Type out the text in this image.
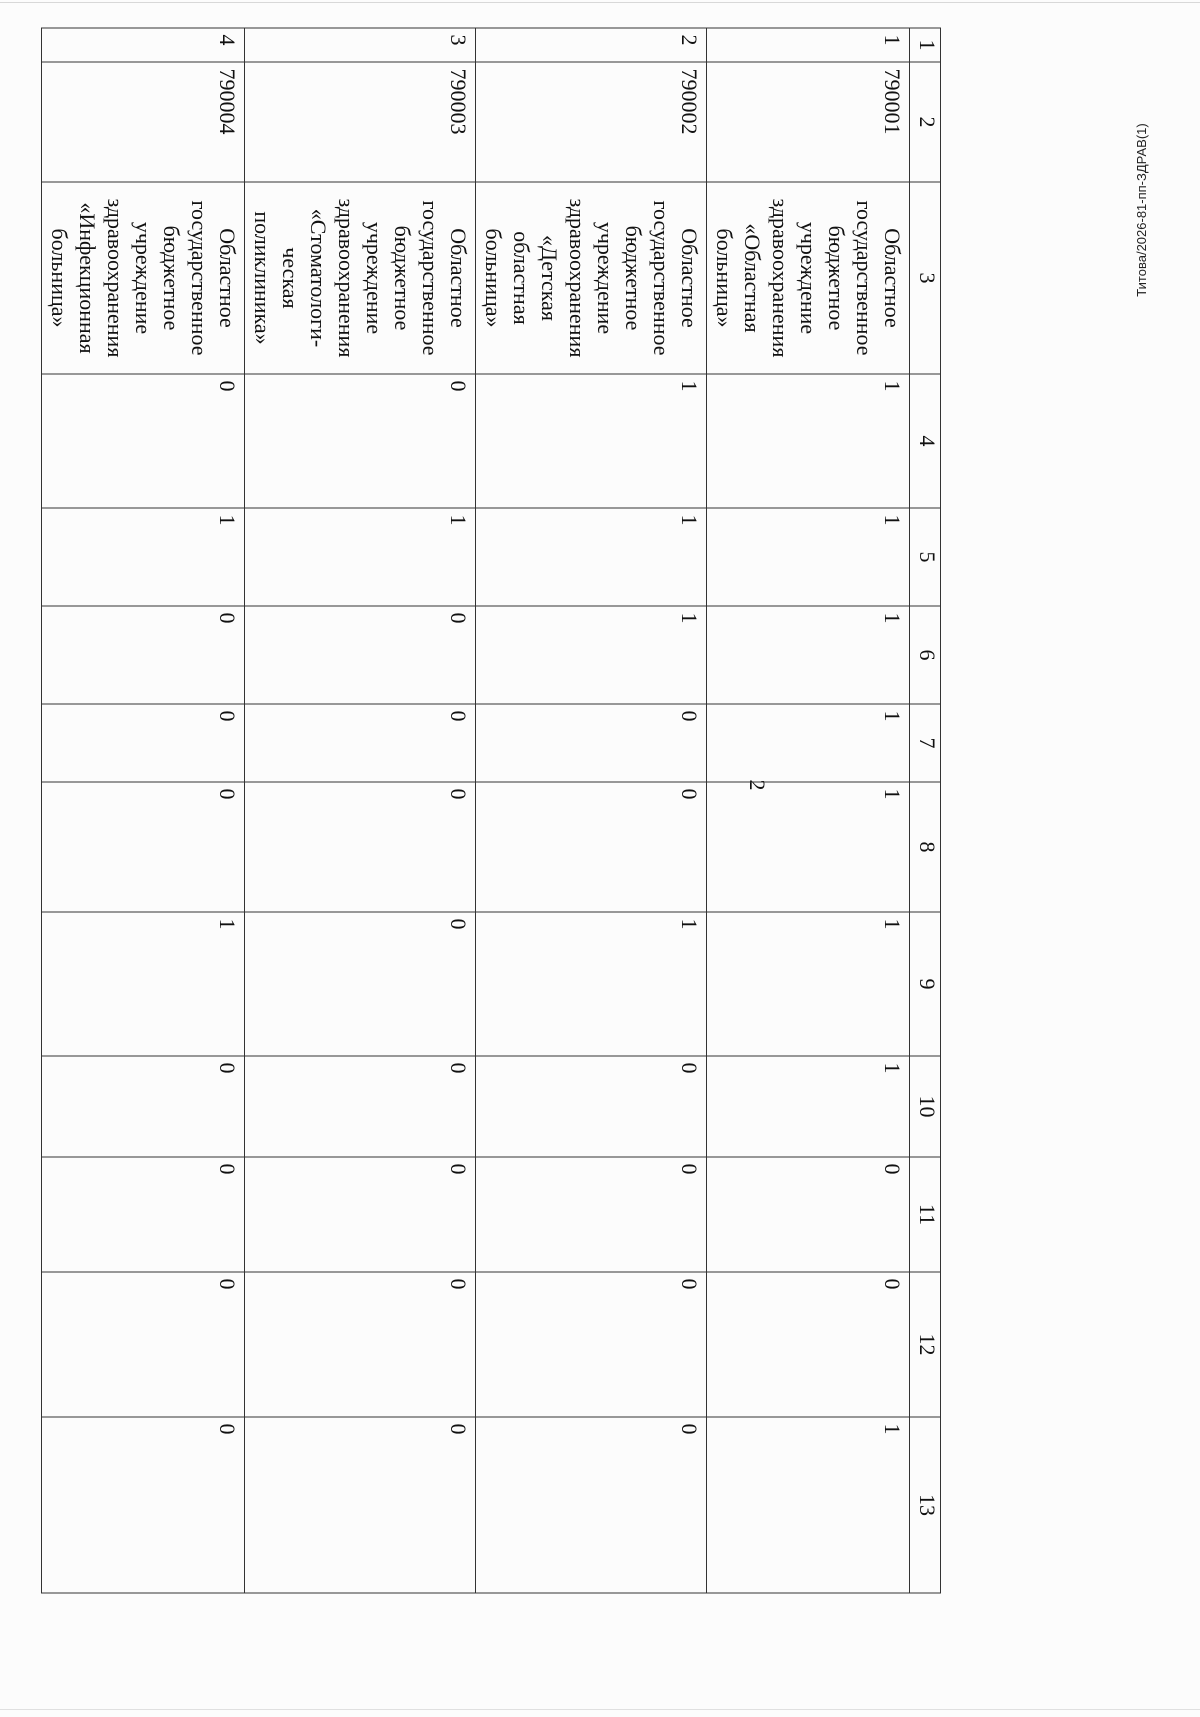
2
Титова/2026-81-пп-ЗДРАВ(1)
1	2	3	4	5	6	7	8	9	10	11	12	13
1	790001	Областное государственное бюджетное учреждение здравоохранения «Областная больница»	1	1	1	1	1	1	1	0	0	1
2	790002	Областное государственное бюджетное учреждение здравоохранения «Детская областная больница»	1	1	1	0	0	1	0	0	0	0
3	790003	Областное государственное бюджетное учреждение здравоохранения «Стоматологи-ческая поликлиника»	0	1	0	0	0	0	0	0	0	0
4	790004	Областное государственное бюджетное учреждение здравоохранения «Инфекционная больница»	0	1	0	0	0	1	0	0	0	0
